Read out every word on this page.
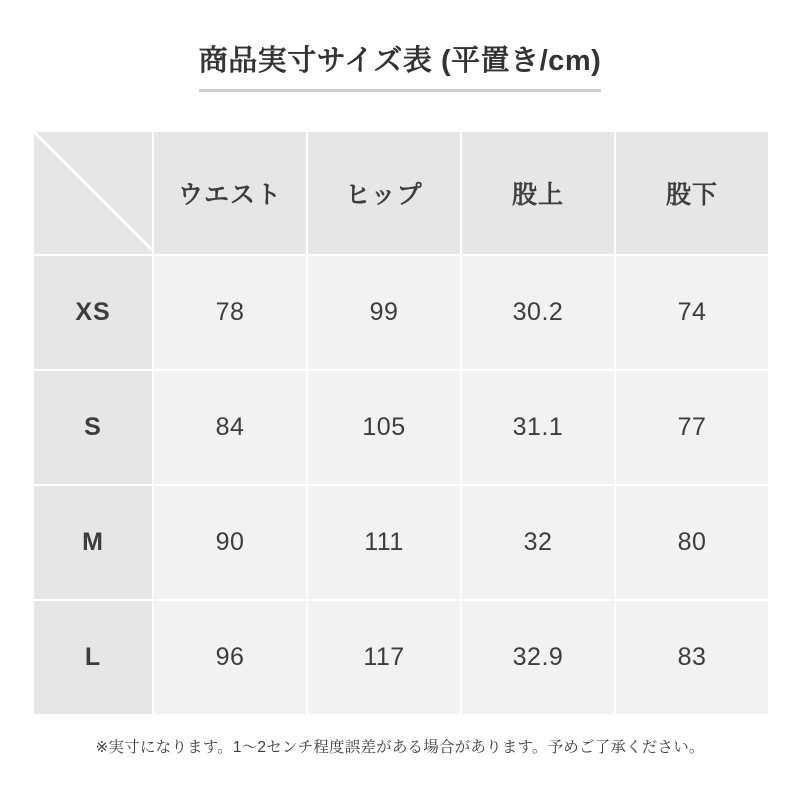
商品実寸サイズ表 (平置き/cm)
	ウエスト	ヒップ	股上	股下
XS	78	99	30.2	74
S	84	105	31.1	77
M	90	111	32	80
L	96	117	32.9	83
※実寸になります。1〜2センチ程度誤差がある場合があります。予めご了承ください。
